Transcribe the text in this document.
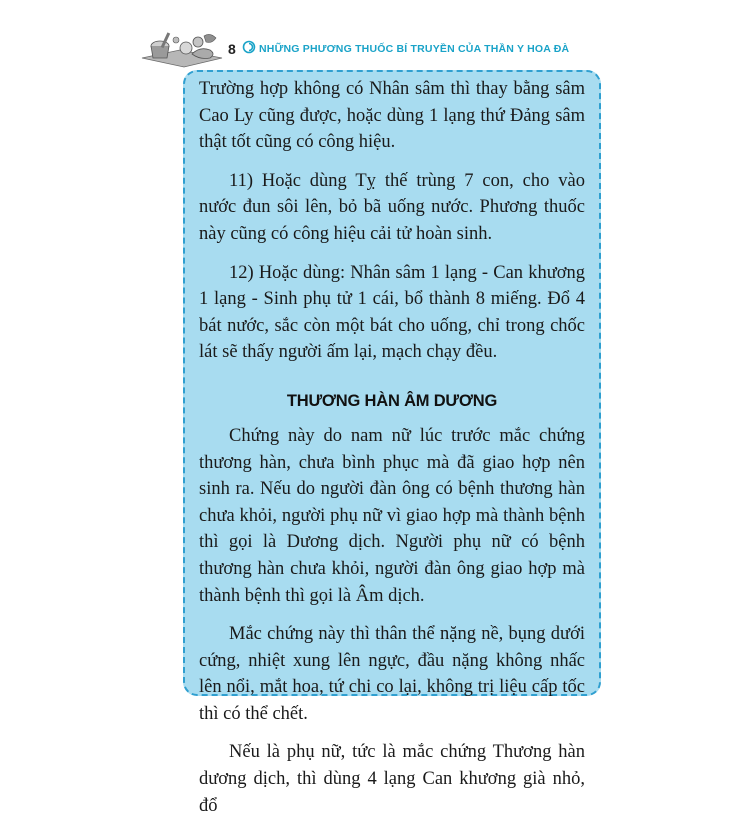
8 NHỮNG PHƯƠNG THUỐC BÍ TRUYỀN CỦA THẦN Y HOA ĐÀ

Trường hợp không có Nhân sâm thì thay bằng sâm Cao Ly cũng được, hoặc dùng 1 lạng thứ Đảng sâm thật tốt cũng có công hiệu.

11) Hoặc dùng Tỵ thế trùng 7 con, cho vào nước đun sôi lên, bỏ bã uống nước. Phương thuốc này cũng có công hiệu cải tử hoàn sinh.

12) Hoặc dùng: Nhân sâm 1 lạng - Can khương 1 lạng - Sinh phụ tử 1 cái, bổ thành 8 miếng. Đổ 4 bát nước, sắc còn một bát cho uống, chỉ trong chốc lát sẽ thấy người ấm lại, mạch chạy đều.

THƯƠNG HÀN ÂM DƯƠNG

Chứng này do nam nữ lúc trước mắc chứng thương hàn, chưa bình phục mà đã giao hợp nên sinh ra. Nếu do người đàn ông có bệnh thương hàn chưa khỏi, người phụ nữ vì giao hợp mà thành bệnh thì gọi là Dương dịch. Người phụ nữ có bệnh thương hàn chưa khỏi, người đàn ông giao hợp mà thành bệnh thì gọi là Âm dịch.

Mắc chứng này thì thân thể nặng nề, bụng dưới cứng, nhiệt xung lên ngực, đầu nặng không nhấc lên nổi, mắt hoa, tứ chi co lại, không trị liệu cấp tốc thì có thể chết.

Nếu là phụ nữ, tức là mắc chứng Thương hàn dương dịch, thì dùng 4 lạng Can khương già nhỏ, đổ
